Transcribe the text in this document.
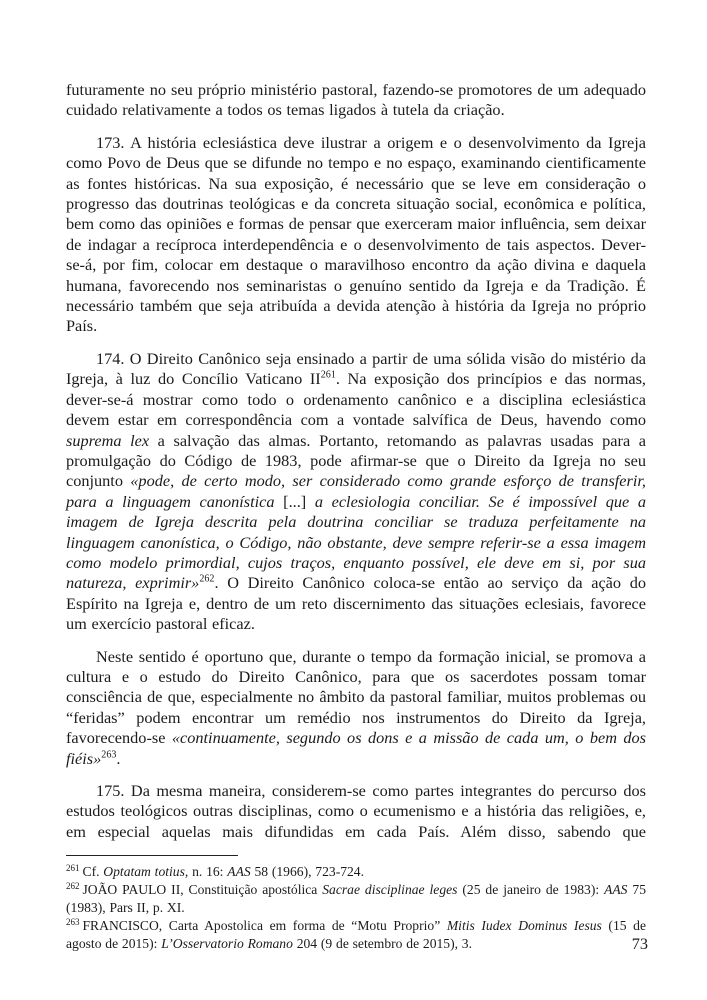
futuramente no seu próprio ministério pastoral, fazendo-se promotores de um adequado cuidado relativamente a todos os temas ligados à tutela da criação.

173. A história eclesiástica deve ilustrar a origem e o desenvolvimento da Igreja como Povo de Deus que se difunde no tempo e no espaço, examinando cientificamente as fontes históricas. Na sua exposição, é necessário que se leve em consideração o progresso das doutrinas teológicas e da concreta situação social, econômica e política, bem como das opiniões e formas de pensar que exerceram maior influência, sem deixar de indagar a recíproca interdependência e o desenvolvimento de tais aspectos. Dever-se-á, por fim, colocar em destaque o maravilhoso encontro da ação divina e daquela humana, favorecendo nos seminaristas o genuíno sentido da Igreja e da Tradição. É necessário também que seja atribuída a devida atenção à história da Igreja no próprio País.

174. O Direito Canônico seja ensinado a partir de uma sólida visão do mistério da Igreja, à luz do Concílio Vaticano II$^{261}$. Na exposição dos princípios e das normas, dever-se-á mostrar como todo o ordenamento canônico e a disciplina eclesiástica devem estar em correspondência com a vontade salvífica de Deus, havendo como suprema lex a salvação das almas. Portanto, retomando as palavras usadas para a promulgação do Código de 1983, pode afirmar-se que o Direito da Igreja no seu conjunto «pode, de certo modo, ser considerado como grande esforço de transferir, para a linguagem canonística [...] a eclesiologia conciliar. Se é impossível que a imagem de Igreja descrita pela doutrina conciliar se traduza perfeitamente na linguagem canonística, o Código, não obstante, deve sempre referir-se a essa imagem como modelo primordial, cujos traços, enquanto possível, ele deve em si, por sua natureza, exprimir»$^{262}$. O Direito Canônico coloca-se então ao serviço da ação do Espírito na Igreja e, dentro de um reto discernimento das situações eclesiais, favorece um exercício pastoral eficaz.

Neste sentido é oportuno que, durante o tempo da formação inicial, se promova a cultura e o estudo do Direito Canônico, para que os sacerdotes possam tomar consciência de que, especialmente no âmbito da pastoral familiar, muitos problemas ou “feridas” podem encontrar um remédio nos instrumentos do Direito da Igreja, favorecendo-se «continuamente, segundo os dons e a missão de cada um, o bem dos fiéis»$^{263}$.

175. Da mesma maneira, considerem-se como partes integrantes do percurso dos estudos teológicos outras disciplinas, como o ecumenismo e a história das religiões, e, em especial aquelas mais difundidas em cada País. Além disso, sabendo que

$^{261}$ Cf. Optatam totius, n. 16: AAS 58 (1966), 723-724.

$^{262}$ JOÃO PAULO II, Constituição apostólica Sacrae disciplinae leges (25 de janeiro de 1983): AAS 75 (1983), Pars II, p. XI.

$^{263}$ FRANCISCO, Carta Apostolica em forma de “Motu Proprio” Mitis Iudex Dominus Iesus (15 de agosto de 2015): L’Osservatorio Romano 204 (9 de setembro de 2015), 3.	73
